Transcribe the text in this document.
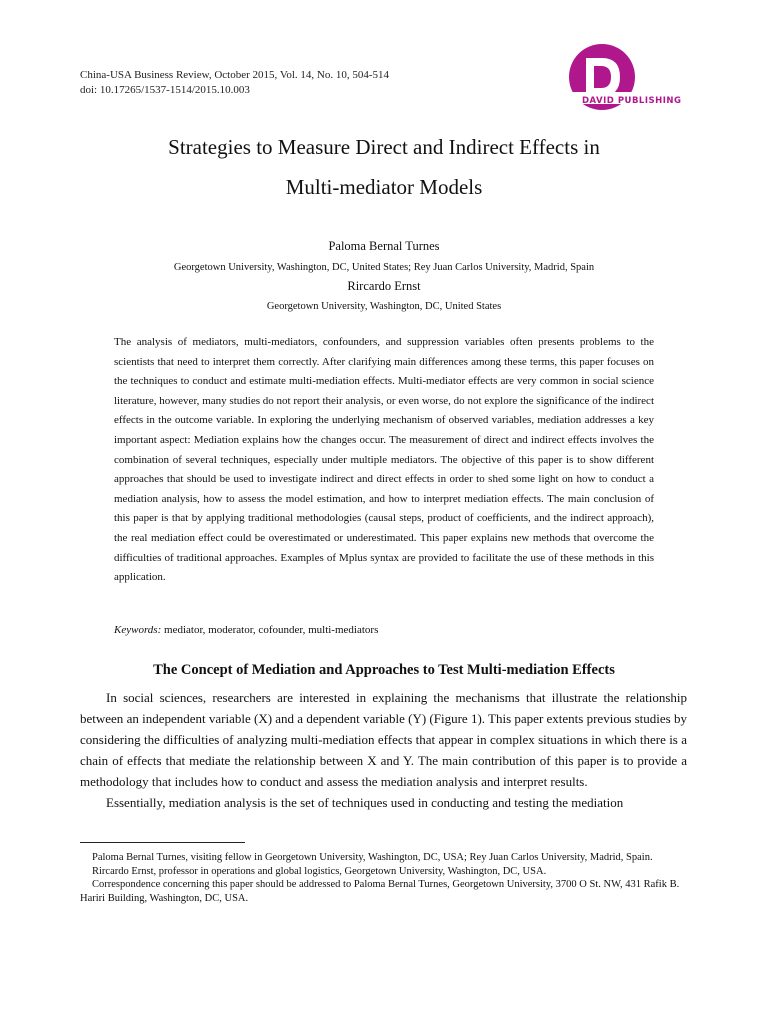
China-USA Business Review, October 2015, Vol. 14, No. 10, 504-514
doi: 10.17265/1537-1514/2015.10.003
DAVID PUBLISHING
Strategies to Measure Direct and Indirect Effects in
Multi-mediator Models
Paloma Bernal Turnes
Georgetown University, Washington, DC, United States; Rey Juan Carlos University, Madrid, Spain
Rircardo Ernst
Georgetown University, Washington, DC, United States
The analysis of mediators, multi-mediators, confounders, and suppression variables often presents problems to the scientists that need to interpret them correctly. After clarifying main differences among these terms, this paper focuses on the techniques to conduct and estimate multi-mediation effects. Multi-mediator effects are very common in social science literature, however, many studies do not report their analysis, or even worse, do not explore the significance of the indirect effects in the outcome variable. In exploring the underlying mechanism of observed variables, mediation addresses a key important aspect: Mediation explains how the changes occur. The measurement of direct and indirect effects involves the combination of several techniques, especially under multiple mediators. The objective of this paper is to show different approaches that should be used to investigate indirect and direct effects in order to shed some light on how to conduct a mediation analysis, how to assess the model estimation, and how to interpret mediation effects. The main conclusion of this paper is that by applying traditional methodologies (causal steps, product of coefficients, and the indirect approach), the real mediation effect could be overestimated or underestimated. This paper explains new methods that overcome the difficulties of traditional approaches. Examples of Mplus syntax are provided to facilitate the use of these methods in this application.
Keywords: mediator, moderator, cofounder, multi-mediators
The Concept of Mediation and Approaches to Test Multi-mediation Effects

In social sciences, researchers are interested in explaining the mechanisms that illustrate the relationship between an independent variable (X) and a dependent variable (Y) (Figure 1). This paper extents previous studies by considering the difficulties of analyzing multi-mediation effects that appear in complex situations in which there is a chain of effects that mediate the relationship between X and Y. The main contribution of this paper is to provide a methodology that includes how to conduct and assess the mediation analysis and interpret results.

Essentially, mediation analysis is the set of techniques used in conducting and testing the mediation

Paloma Bernal Turnes, visiting fellow in Georgetown University, Washington, DC, USA; Rey Juan Carlos University, Madrid, Spain.

Rircardo Ernst, professor in operations and global logistics, Georgetown University, Washington, DC, USA.

Correspondence concerning this paper should be addressed to Paloma Bernal Turnes, Georgetown University, 3700 O St. NW, 431 Rafik B. Hariri Building, Washington, DC, USA.
